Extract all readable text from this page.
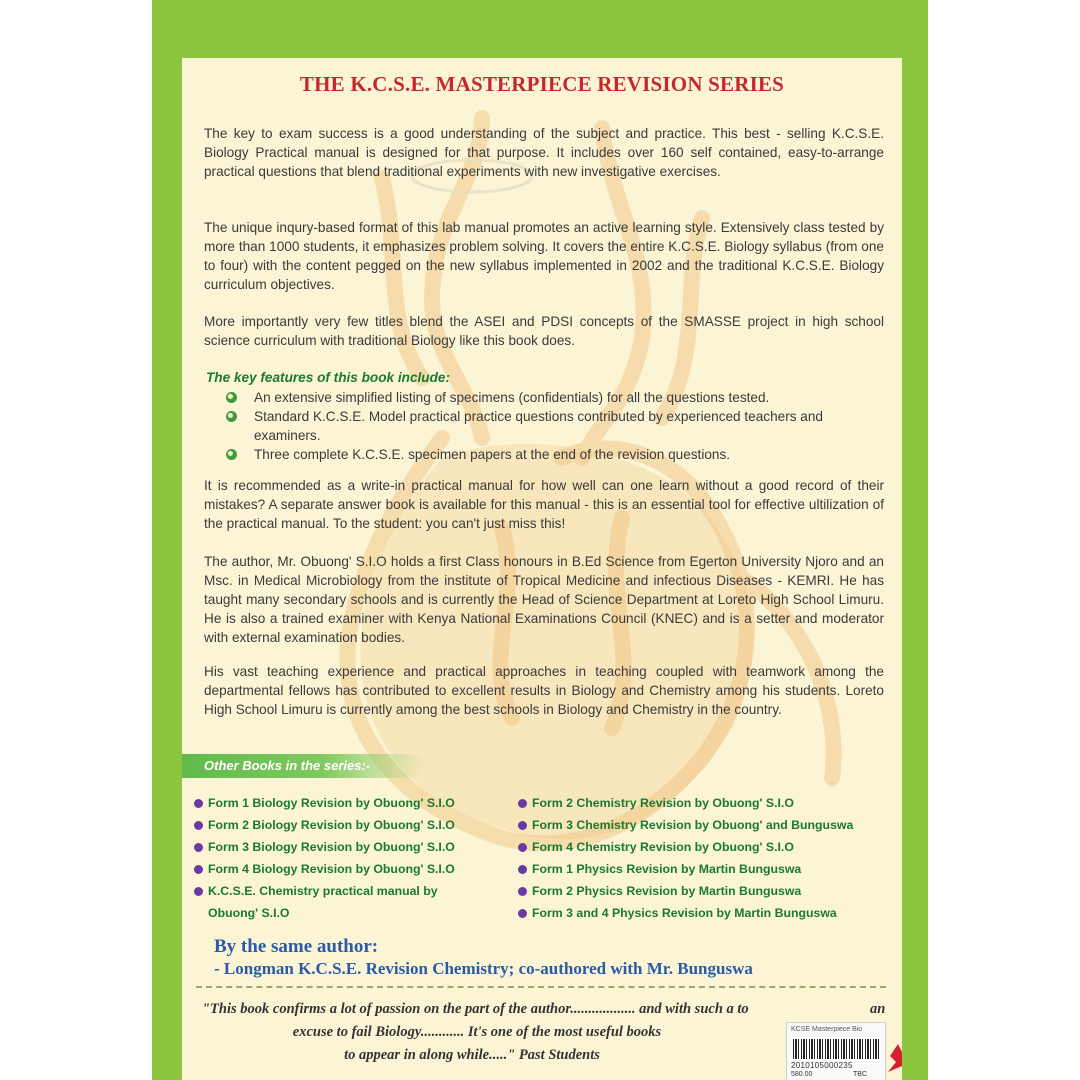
THE K.C.S.E. MASTERPIECE REVISION SERIES

The key to exam success is a good understanding of the subject and practice. This best - selling K.C.S.E. Biology Practical manual is designed for that purpose. It includes over 160 self contained, easy-to-arrange practical questions that blend traditional experiments with new investigative exercises.

The unique inqury-based format of this lab manual promotes an active learning style. Extensively class tested by more than 1000 students, it emphasizes problem solving. It covers the entire K.C.S.E. Biology syllabus (from one to four) with the content pegged on the new syllabus implemented in 2002 and the traditional K.C.S.E. Biology curriculum objectives.

More importantly very few titles blend the ASEI and PDSI concepts of the SMASSE project in high school science curriculum with traditional Biology like this book does.

The key features of this book include:
An extensive simplified listing of specimens (confidentials) for all the questions tested.
Standard K.C.S.E. Model practical practice questions contributed by experienced teachers and examiners.
Three complete K.C.S.E. specimen papers at the end of the revision questions.

It is recommended as a write-in practical manual for how well can one learn without a good record of their mistakes? A separate answer book is available for this manual - this is an essential tool for effective ultilization of the practical manual. To the student: you can't just miss this!

The author, Mr. Obuong' S.I.O holds a first Class honours in B.Ed Science from Egerton University Njoro and an Msc. in Medical Microbiology from the institute of Tropical Medicine and infectious Diseases - KEMRI. He has taught many secondary schools and is currently the Head of Science Department at Loreto High School Limuru. He is also a trained examiner with Kenya National Examinations Council (KNEC) and is a setter and moderator with external examination bodies.

His vast teaching experience and practical approaches in teaching coupled with teamwork among the departmental fellows has contributed to excellent results in Biology and Chemistry among his students. Loreto High School Limuru is currently among the best schools in Biology and Chemistry in the country.

Other Books in the series:-
Form 1 Biology Revision by Obuong' S.I.O
Form 2 Biology Revision by Obuong' S.I.O
Form 3 Biology Revision by Obuong' S.I.O
Form 4 Biology Revision by Obuong' S.I.O
K.C.S.E. Chemistry practical manual by Obuong' S.I.O
Form 2 Chemistry Revision by Obuong' S.I.O
Form 3 Chemistry Revision by Obuong' and Bunguswa
Form 4 Chemistry Revision by Obuong' S.I.O
Form 1 Physics Revision by Martin Bunguswa
Form 2 Physics Revision by Martin Bunguswa
Form 3 and 4 Physics Revision by Martin Bunguswa
By the same author:
- Longman K.C.S.E. Revision Chemistry; co-authored with Mr. Bunguswa
"This book confirms a lot of passion on the part of the author.................. and with such a to	an
excuse to fail Biology............ It's one of the most useful books
to appear in along while....." Past Students
KCSE Masterpiece Bio
2010105000235
580.00	TBC
